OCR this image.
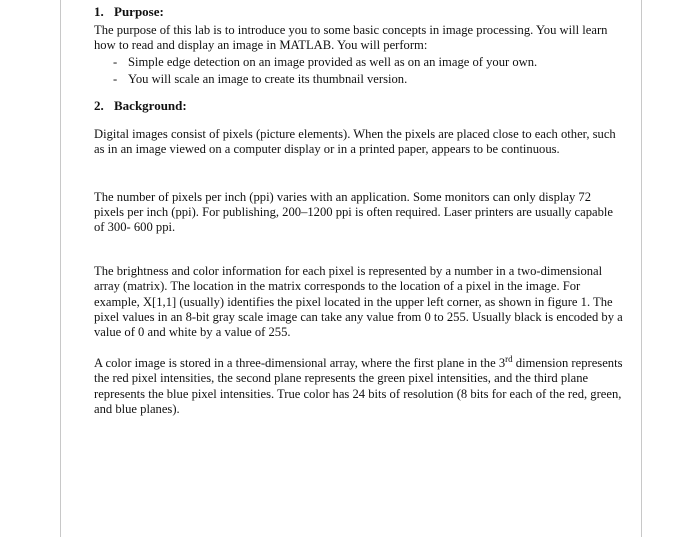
1. Purpose:

The purpose of this lab is to introduce you to some basic concepts in image processing. You will learn how to read and display an image in MATLAB. You will perform:

- Simple edge detection on an image provided as well as on an image of your own.
- You will scale an image to create its thumbnail version.

2. Background:

Digital images consist of pixels (picture elements). When the pixels are placed close to each other, such as in an image viewed on a computer display or in a printed paper, appears to be continuous.

The number of pixels per inch (ppi) varies with an application. Some monitors can only display 72 pixels per inch (ppi). For publishing, 200–1200 ppi is often required. Laser printers are usually capable of 300- 600 ppi.

The brightness and color information for each pixel is represented by a number in a two-dimensional array (matrix). The location in the matrix corresponds to the location of a pixel in the image. For example, X[1,1] (usually) identifies the pixel located in the upper left corner, as shown in figure 1. The pixel values in an 8-bit gray scale image can take any value from 0 to 255. Usually black is encoded by a value of 0 and white by a value of 255.

A color image is stored in a three-dimensional array, where the first plane in the 3rd dimension represents the red pixel intensities, the second plane represents the green pixel intensities, and the third plane represents the blue pixel intensities. True color has 24 bits of resolution (8 bits for each of the red, green, and blue planes).
